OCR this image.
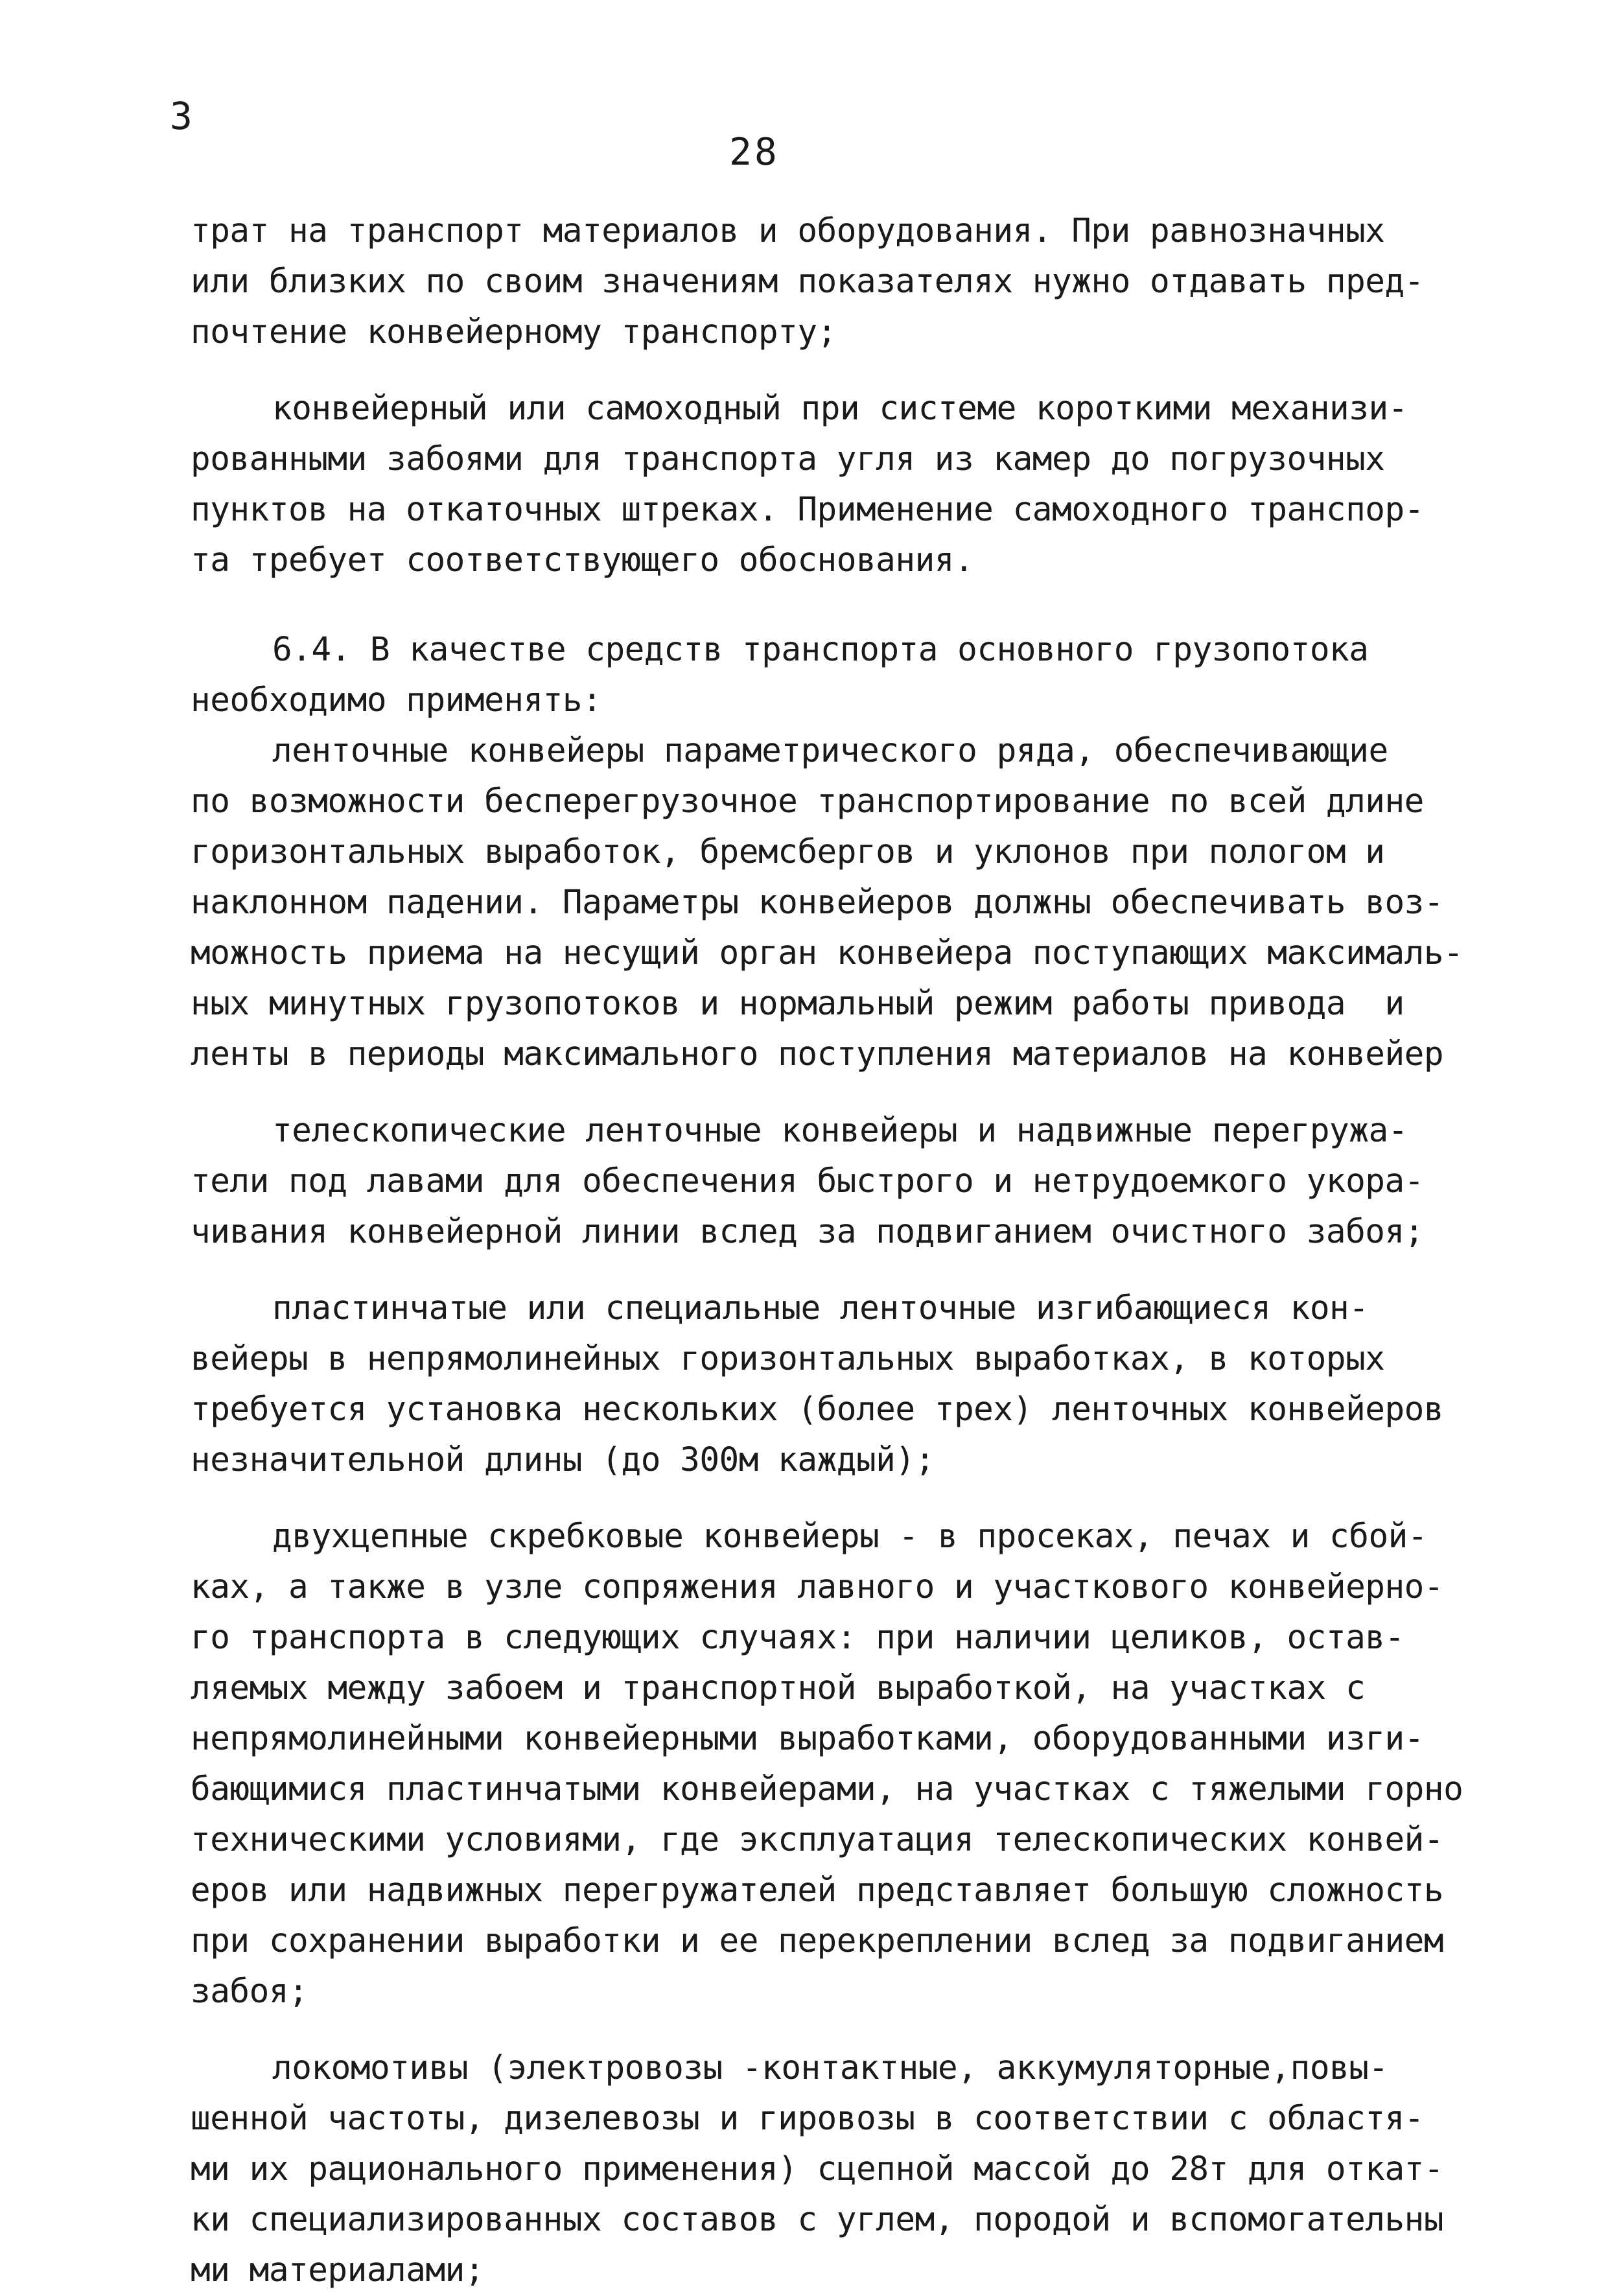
3
28
трат на транспорт материалов и оборудования. При равнозначных
или близких по своим значениям показателях нужно отдавать пред-
почтение конвейерному транспорту;
конвейерный или самоходный при системе короткими механизи-
рованными забоями для транспорта угля из камер до погрузочных
пунктов на откаточных штреках. Применение самоходного транспор-
та требует соответствующего обоснования.
6.4. В качестве средств транспорта основного грузопотока
необходимо применять:
ленточные конвейеры параметрического ряда, обеспечивающие
по возможности бесперегрузочное транспортирование по всей длине
горизонтальных выработок, бремсбергов и уклонов при пологом и
наклонном падении. Параметры конвейеров должны обеспечивать воз-
можность приема на несущий орган конвейера поступающих максималь-
ных минутных грузопотоков и нормальный режим работы привода  и
ленты в периоды максимального поступления материалов на конвейер
телескопические ленточные конвейеры и надвижные перегружа-
тели под лавами для обеспечения быстрого и нетрудоемкого укора-
чивания конвейерной линии вслед за подвиганием очистного забоя;
пластинчатые или специальные ленточные изгибающиеся кон-
вейеры в непрямолинейных горизонтальных выработках, в которых
требуется установка нескольких (более трех) ленточных конвейеров
незначительной длины (до 300м каждый);
двухцепные скребковые конвейеры - в просеках, печах и сбой-
ках, а также в узле сопряжения лавного и участкового конвейерно-
го транспорта в следующих случаях: при наличии целиков, остав-
ляемых между забоем и транспортной выработкой, на участках с
непрямолинейными конвейерными выработками, оборудованными изги-
бающимися пластинчатыми конвейерами, на участках с тяжелыми горно
техническими условиями, где эксплуатация телескопических конвей-
еров или надвижных перегружателей представляет большую сложность
при сохранении выработки и ее перекреплении вслед за подвиганием
забоя;
локомотивы (электровозы -контактные, аккумуляторные,повы-
шенной частоты, дизелевозы и гировозы в соответствии с областя-
ми их рационального применения) сцепной массой до 28т для откат-
ки специализированных составов с углем, породой и вспомогательны
ми материалами;
